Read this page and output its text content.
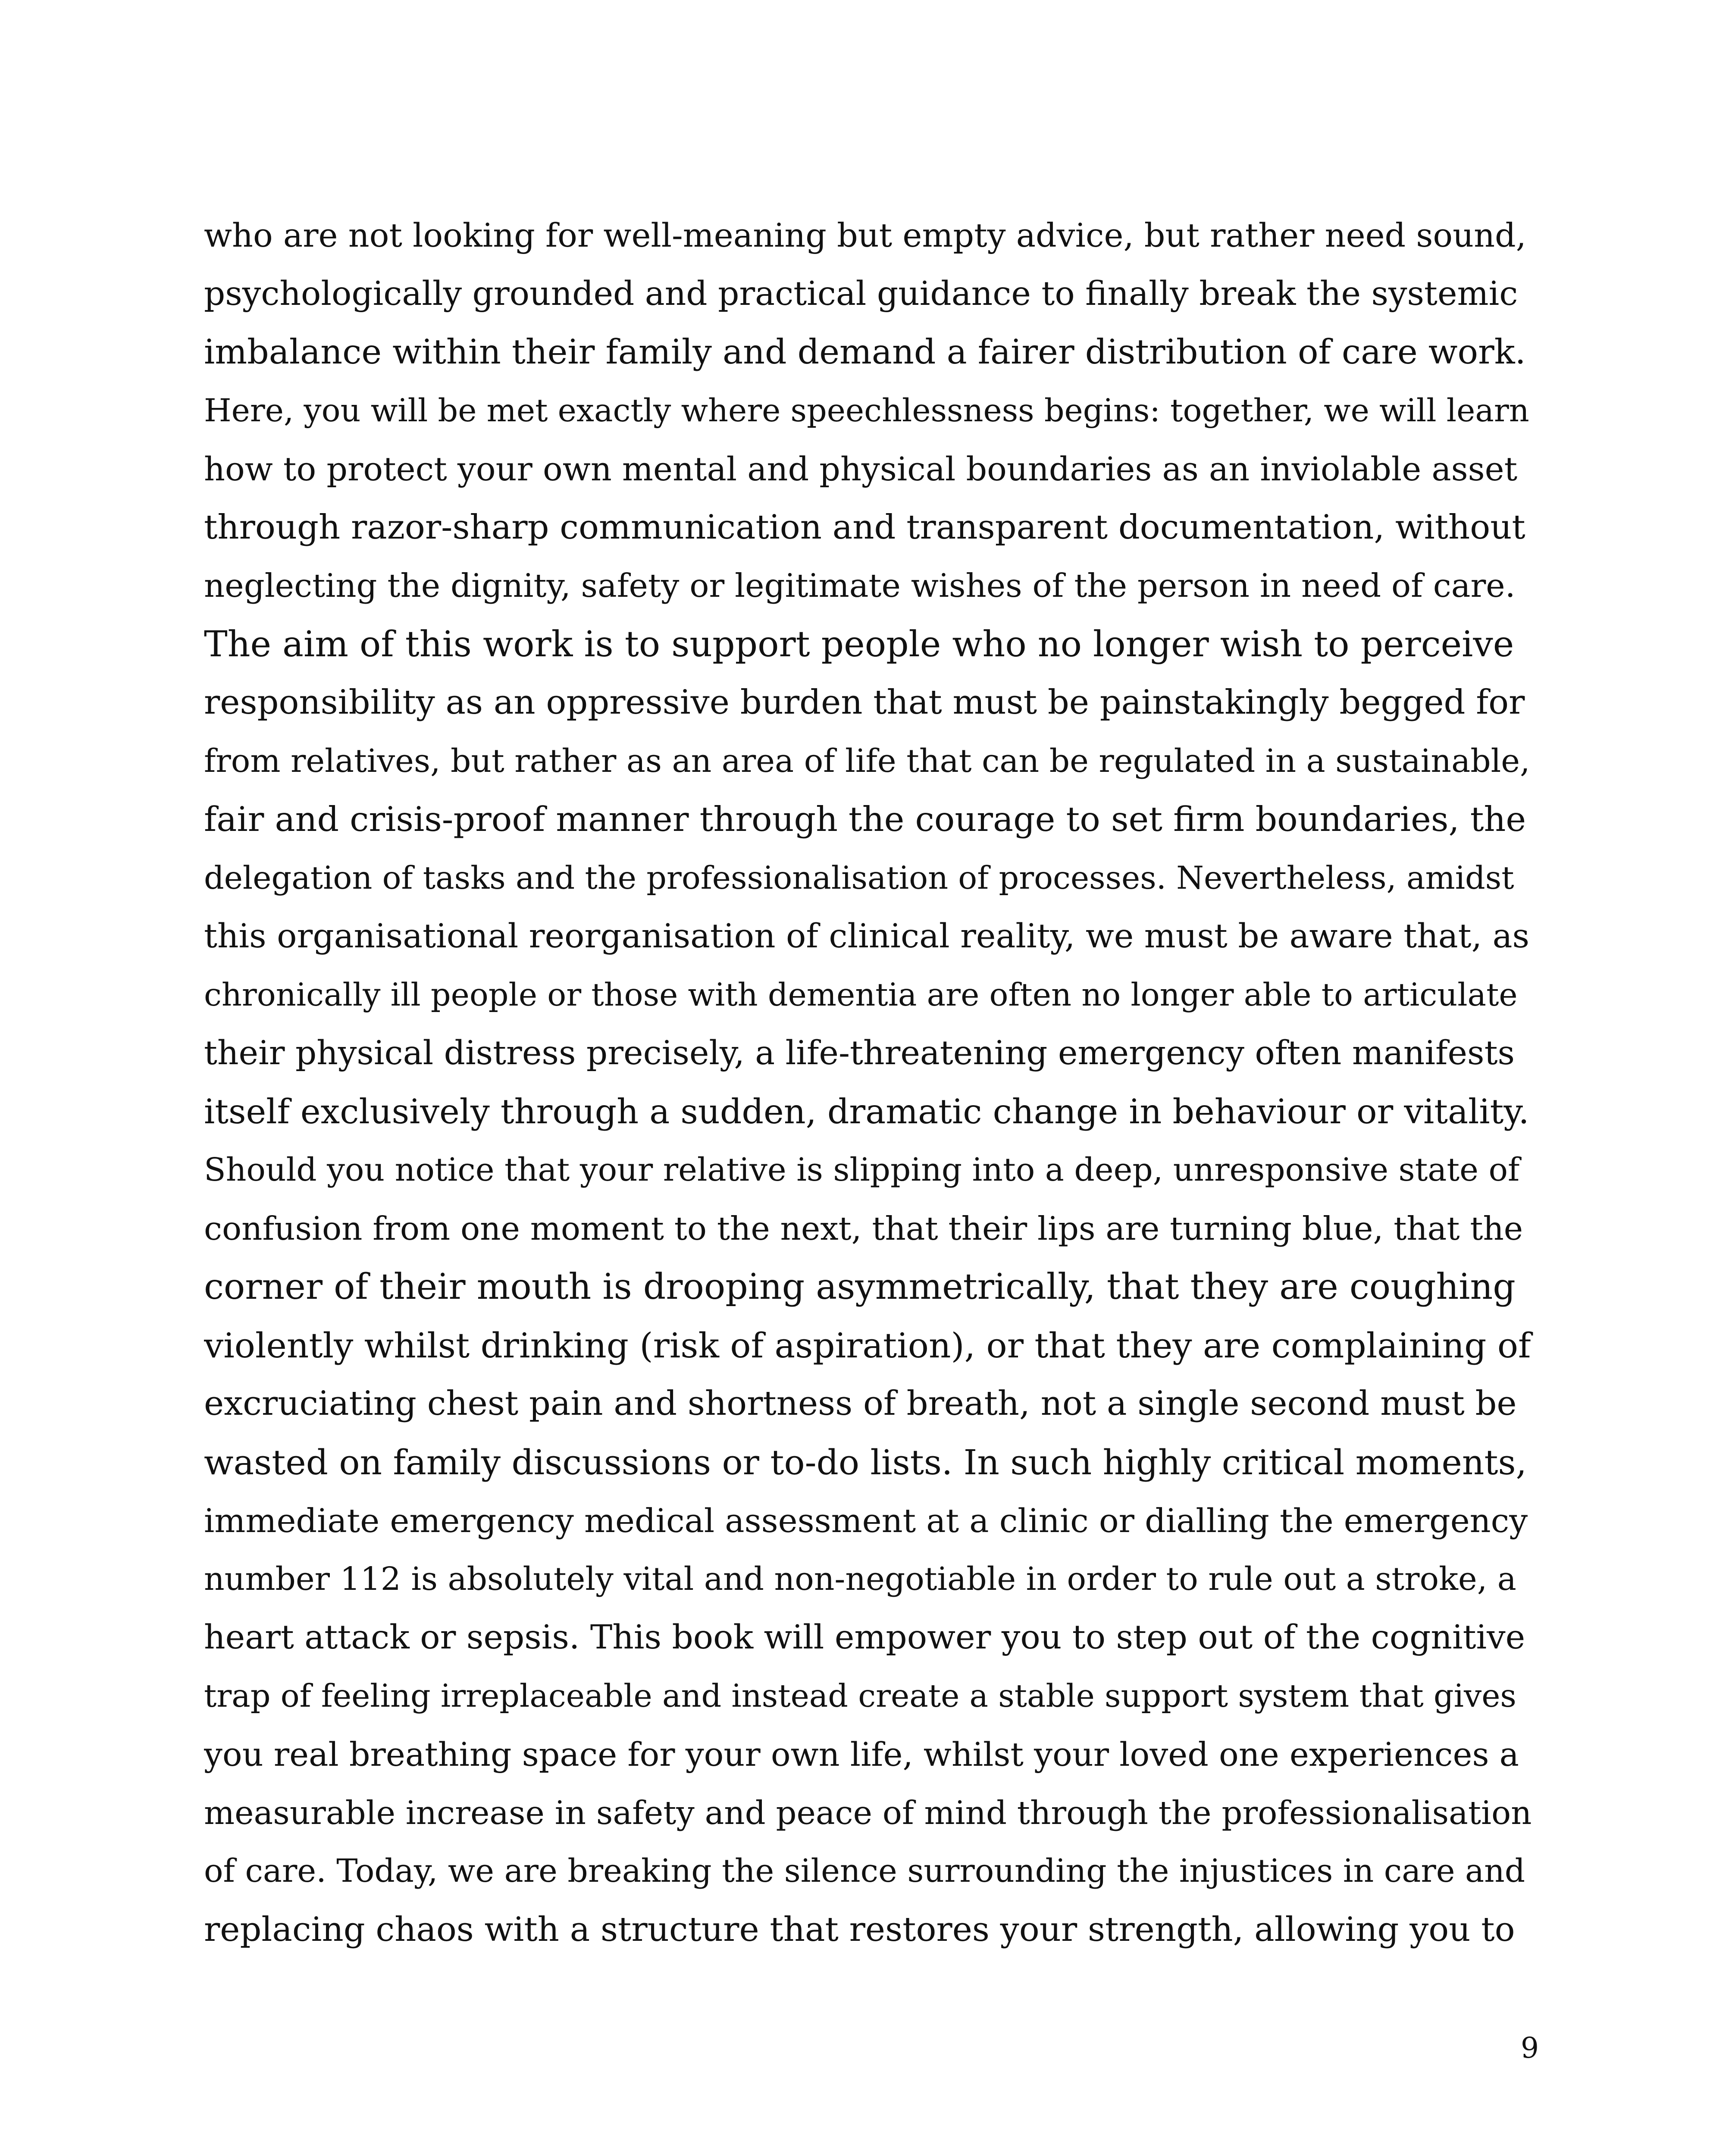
who are not looking for well-meaning but empty advice, but rather need sound,
psychologically grounded and practical guidance to finally break the systemic
imbalance within their family and demand a fairer distribution of care work.
Here, you will be met exactly where speechlessness begins: together, we will learn
how to protect your own mental and physical boundaries as an inviolable asset
through razor-sharp communication and transparent documentation, without
neglecting the dignity, safety or legitimate wishes of the person in need of care.
The aim of this work is to support people who no longer wish to perceive
responsibility as an oppressive burden that must be painstakingly begged for
from relatives, but rather as an area of life that can be regulated in a sustainable,
fair and crisis-proof manner through the courage to set firm boundaries, the
delegation of tasks and the professionalisation of processes. Nevertheless, amidst
this organisational reorganisation of clinical reality, we must be aware that, as
chronically ill people or those with dementia are often no longer able to articulate
their physical distress precisely, a life-threatening emergency often manifests
itself exclusively through a sudden, dramatic change in behaviour or vitality.
Should you notice that your relative is slipping into a deep, unresponsive state of
confusion from one moment to the next, that their lips are turning blue, that the
corner of their mouth is drooping asymmetrically, that they are coughing
violently whilst drinking (risk of aspiration), or that they are complaining of
excruciating chest pain and shortness of breath, not a single second must be
wasted on family discussions or to-do lists. In such highly critical moments,
immediate emergency medical assessment at a clinic or dialling the emergency
number 112 is absolutely vital and non-negotiable in order to rule out a stroke, a
heart attack or sepsis. This book will empower you to step out of the cognitive
trap of feeling irreplaceable and instead create a stable support system that gives
you real breathing space for your own life, whilst your loved one experiences a
measurable increase in safety and peace of mind through the professionalisation
of care. Today, we are breaking the silence surrounding the injustices in care and
replacing chaos with a structure that restores your strength, allowing you to
9
